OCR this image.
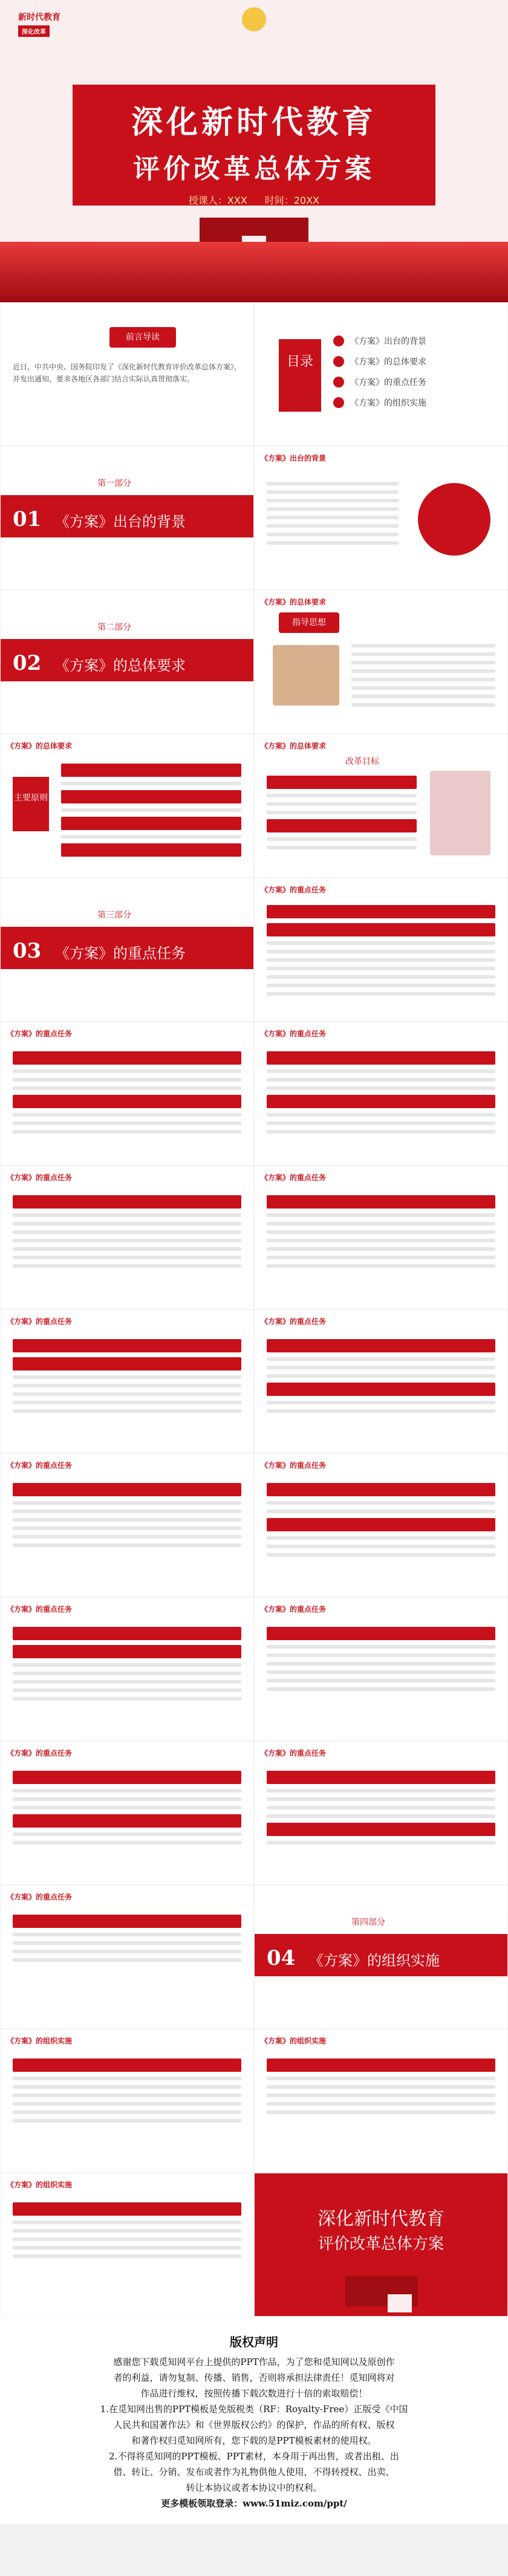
新时代教育
深化改革
深化新时代教育
评价改革总体方案
授课人：XXX 时间：20XX
前言导读
近日，中共中央、国务院印发了《深化新时代教育评价改革总体方案》，并发出通知，要求各地区各部门结合实际认真贯彻落实。
目录
《方案》出台的背景
《方案》的总体要求
《方案》的重点任务
《方案》的组织实施
第一部分
01 《方案》出台的背景
《方案》出台的背景
第二部分
02 《方案》的总体要求
《方案》的总体要求
指导思想
《方案》的总体要求
主要原则
《方案》的总体要求
改革目标
第三部分
03 《方案》的重点任务
《方案》的重点任务
《方案》的重点任务	《方案》的重点任务
《方案》的重点任务	《方案》的重点任务
《方案》的重点任务	《方案》的重点任务
《方案》的重点任务	《方案》的重点任务
《方案》的重点任务	《方案》的重点任务
《方案》的重点任务	《方案》的重点任务
《方案》的重点任务
第四部分
04 《方案》的组织实施
《方案》的组织实施	《方案》的组织实施
《方案》的组织实施
深化新时代教育
评价改革总体方案
版权声明

感谢您下载觅知网平台上提供的PPT作品，为了您和觅知网以及原创作

者的利益，请勿复制、传播、销售，否则将承担法律责任！觅知网将对

作品进行维权，按照传播下载次数进行十倍的索取赔偿！

1.在觅知网出售的PPT模板是免版税类（RF：Royalty-Free）正版受《中国

人民共和国著作法》和《世界版权公约》的保护，作品的所有权、版权

和著作权归觅知网所有，您下载的是PPT模板素材的使用权。

2.不得将觅知网的PPT模板、PPT素材，本身用于再出售，或者出租、出

借、转让、分销、发布或者作为礼物供他人使用，不得转授权、出卖、

转让本协议或者本协议中的权利。

更多模板领取登录：www.51miz.com/ppt/
